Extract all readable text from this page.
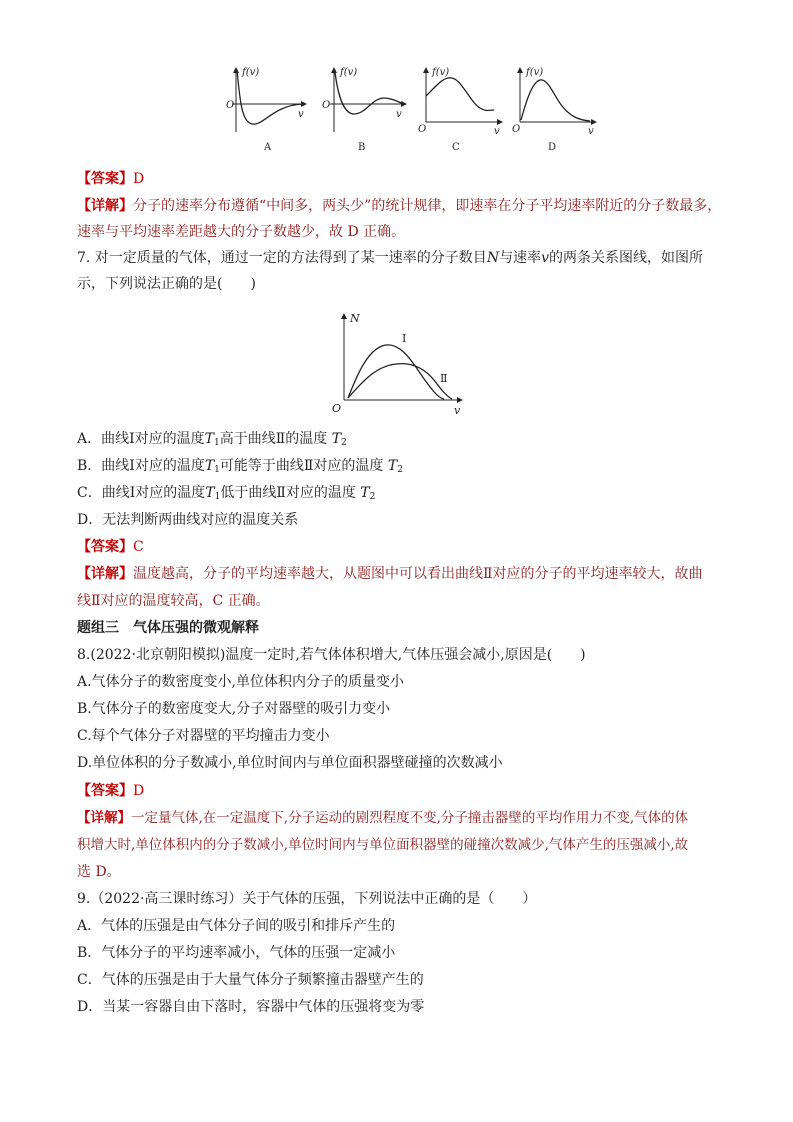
f(v)
O
v
A
f(v)
O
v
B
f(v)
O	v
C
f(v)
O	v
D
【答案】D
【详解】分子的速率分布遵循“中间多，两头少”的统计规律，即速率在分子平均速率附近的分子数最多，
速率与平均速率差距越大的分子数越少，故 D 正确。
7. 对一定质量的气体，通过一定的方法得到了某一速率的分子数目N与速率v的两条关系图线，如图所
示，下列说法正确的是(　　)
N
O	v
Ⅰ
Ⅱ
A．曲线Ⅰ对应的温度$T_1$高于曲线Ⅱ的温度 $T_2$
B．曲线Ⅰ对应的温度$T_1$可能等于曲线Ⅱ对应的温度 $T_2$
C．曲线Ⅰ对应的温度$T_1$低于曲线Ⅱ对应的温度 $T_2$
D．无法判断两曲线对应的温度关系
【答案】C
【详解】温度越高，分子的平均速率越大，从题图中可以看出曲线Ⅱ对应的分子的平均速率较大，故曲
线Ⅱ对应的温度较高，C 正确。
题组三　气体压强的微观解释
8.(2022·北京朝阳模拟)温度一定时,若气体体积增大,气体压强会减小,原因是(　　)
A.气体分子的数密度变小,单位体积内分子的质量变小
B.气体分子的数密度变大,分子对器壁的吸引力变小
C.每个气体分子对器壁的平均撞击力变小
D.单位体积的分子数减小,单位时间内与单位面积器壁碰撞的次数减小
【答案】D
【详解】一定量气体,在一定温度下,分子运动的剧烈程度不变,分子撞击器壁的平均作用力不变,气体的体
积增大时,单位体积内的分子数减小,单位时间内与单位面积器壁的碰撞次数减少,气体产生的压强减小,故
选 D。
9.（2022·高三课时练习）关于气体的压强，下列说法中正确的是（　　）
A．气体的压强是由气体分子间的吸引和排斥产生的
B．气体分子的平均速率减小，气体的压强一定减小
C．气体的压强是由于大量气体分子频繁撞击器壁产生的
D．当某一容器自由下落时，容器中气体的压强将变为零
